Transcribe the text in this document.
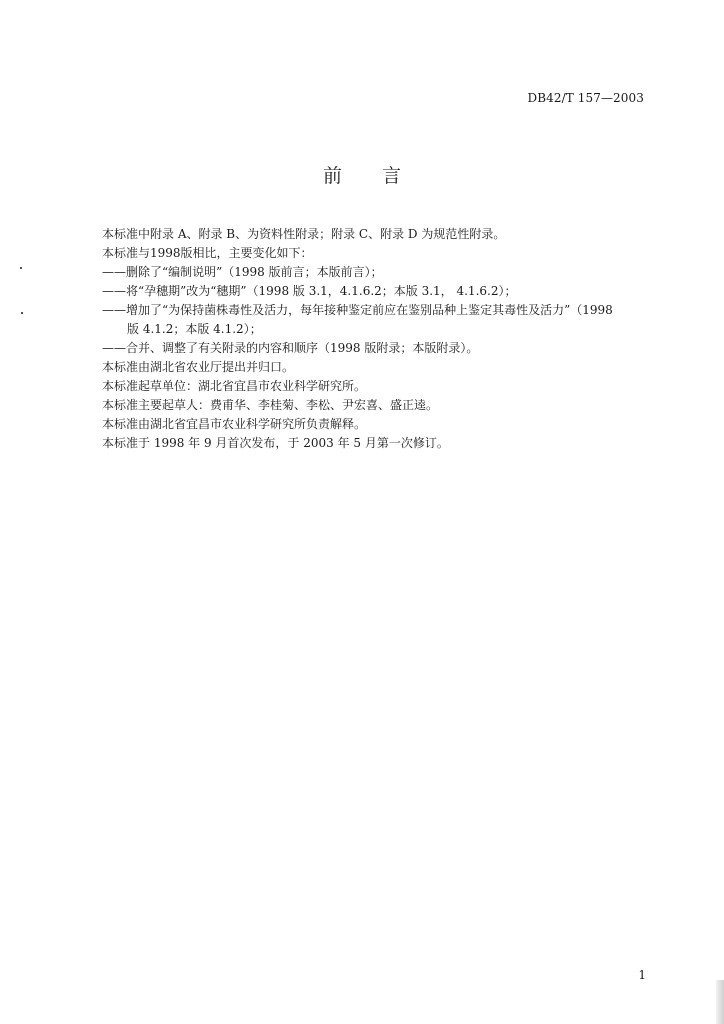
DB42/T 157—2003
前言

本标准中附录 A、附录 B、为资料性附录；附录 C、附录 D 为规范性附录。

本标准与1998版相比，主要变化如下：

——删除了“编制说明”（1998 版前言；本版前言）；

——将“孕穗期”改为“穗期”（1998 版 3.1，4.1.6.2；本版 3.1， 4.1.6.2）；

——增加了“为保持菌株毒性及活力，每年接种鉴定前应在鉴别品种上鉴定其毒性及活力”（1998

版 4.1.2；本版 4.1.2）；

——合并、调整了有关附录的内容和顺序（1998 版附录；本版附录）。

本标准由湖北省农业厅提出并归口。

本标准起草单位：湖北省宜昌市农业科学研究所。

本标准主要起草人：费甫华、李桂菊、李松、尹宏喜、盛正逵。

本标准由湖北省宜昌市农业科学研究所负责解释。

本标准于 1998 年 9 月首次发布，于 2003 年 5 月第一次修订。

1
